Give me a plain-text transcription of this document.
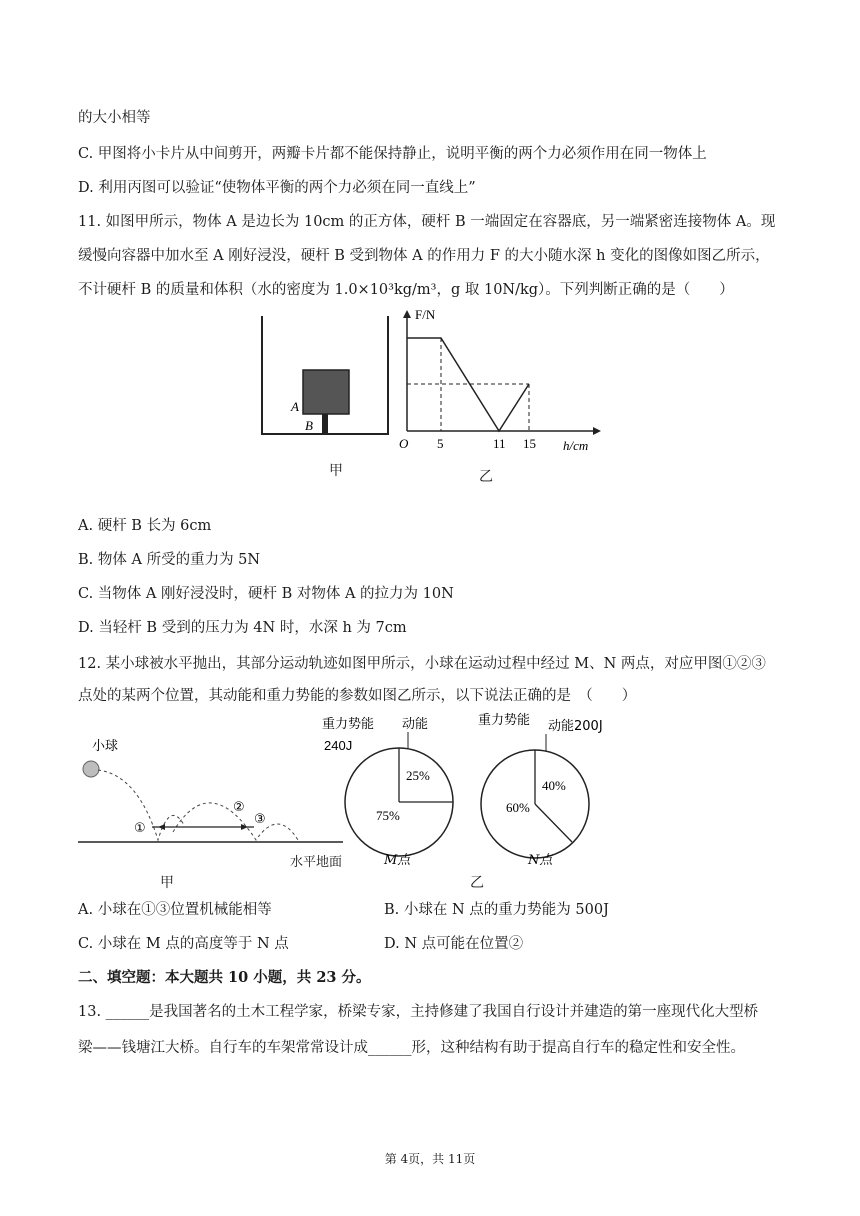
的大小相等
C. 甲图将小卡片从中间剪开，两瓣卡片都不能保持静止，说明平衡的两个力必须作用在同一物体上
D. 利用丙图可以验证“使物体平衡的两个力必须在同一直线上”
11. 如图甲所示，物体 A 是边长为 10cm 的正方体，硬杆 B 一端固定在容器底，另一端紧密连接物体 A。现
缓慢向容器中加水至 A 刚好浸没，硬杆 B 受到物体 A 的作用力 F 的大小随水深 h 变化的图像如图乙所示，
不计硬杆 B 的质量和体积（水的密度为 1.0×10³kg/m³，g 取 10N/kg）。下列判断正确的是（　　）
A
B
甲
F/N
h/cm
O 5	11 15
乙
A. 硬杆 B 长为 6cm
B. 物体 A 所受的重力为 5N
C. 当物体 A 刚好浸没时，硬杆 B 对物体 A 的拉力为 10N
D. 当轻杆 B 受到的压力为 4N 时，水深 h 为 7cm
12. 某小球被水平抛出，其部分运动轨迹如图甲所示，小球在运动过程中经过 M、N 两点，对应甲图①②③
点处的某两个位置，其动能和重力势能的参数如图乙所示，以下说法正确的是　（　　）
小球
①
②
③
水平地面
甲
重力势能
240J
动能
25%
75%
M点
重力势能 动能200J
40%
60%
N点
乙
A. 小球在①③位置机械能相等	B. 小球在 N 点的重力势能为 500J
C. 小球在 M 点的高度等于 N 点	D. N 点可能在位置②
二、填空题：本大题共 10 小题，共 23 分。
13. ______是我国著名的土木工程学家，桥梁专家，主持修建了我国自行设计并建造的第一座现代化大型桥
梁——钱塘江大桥。自行车的车架常常设计成______形，这种结构有助于提高自行车的稳定性和安全性。
第 4页，共 11页
